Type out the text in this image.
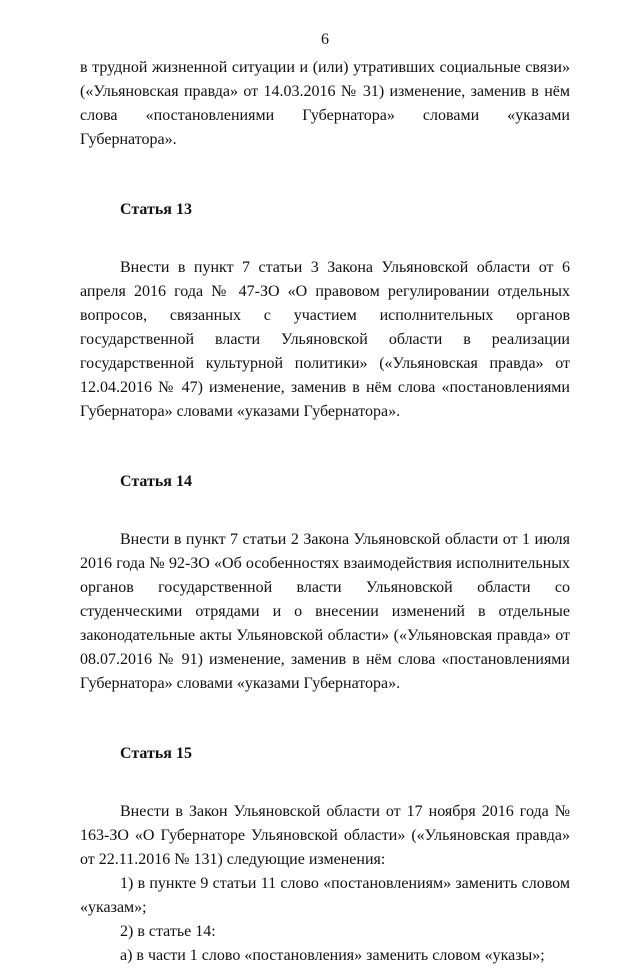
6

в трудной жизненной ситуации и (или) утративших социальные связи» («Ульяновская правда» от 14.03.2016 № 31) изменение, заменив в нём слова «постановлениями Губернатора» словами «указами Губернатора».

Статья 13

Внести в пункт 7 статьи 3 Закона Ульяновской области от 6 апреля 2016 года № 47-ЗО «О правовом регулировании отдельных вопросов, связанных с участием исполнительных органов государственной власти Ульяновской области в реализации государственной культурной политики» («Ульяновская правда» от 12.04.2016 № 47) изменение, заменив в нём слова «постановлениями Губернатора» словами «указами Губернатора».

Статья 14

Внести в пункт 7 статьи 2 Закона Ульяновской области от 1 июля 2016 года № 92-ЗО «Об особенностях взаимодействия исполнительных органов государственной власти Ульяновской области со студенческими отрядами и о внесении изменений в отдельные законодательные акты Ульяновской области» («Ульяновская правда» от 08.07.2016 № 91) изменение, заменив в нём слова «постановлениями Губернатора» словами «указами Губернатора».

Статья 15

Внести в Закон Ульяновской области от 17 ноября 2016 года № 163-ЗО «О Губернаторе Ульяновской области» («Ульяновская правда» от 22.11.2016 № 131) следующие изменения:

1) в пункте 9 статьи 11 слово «постановлениям» заменить словом «указам»;

2) в статье 14:

а) в части 1 слово «постановления» заменить словом «указы»;
